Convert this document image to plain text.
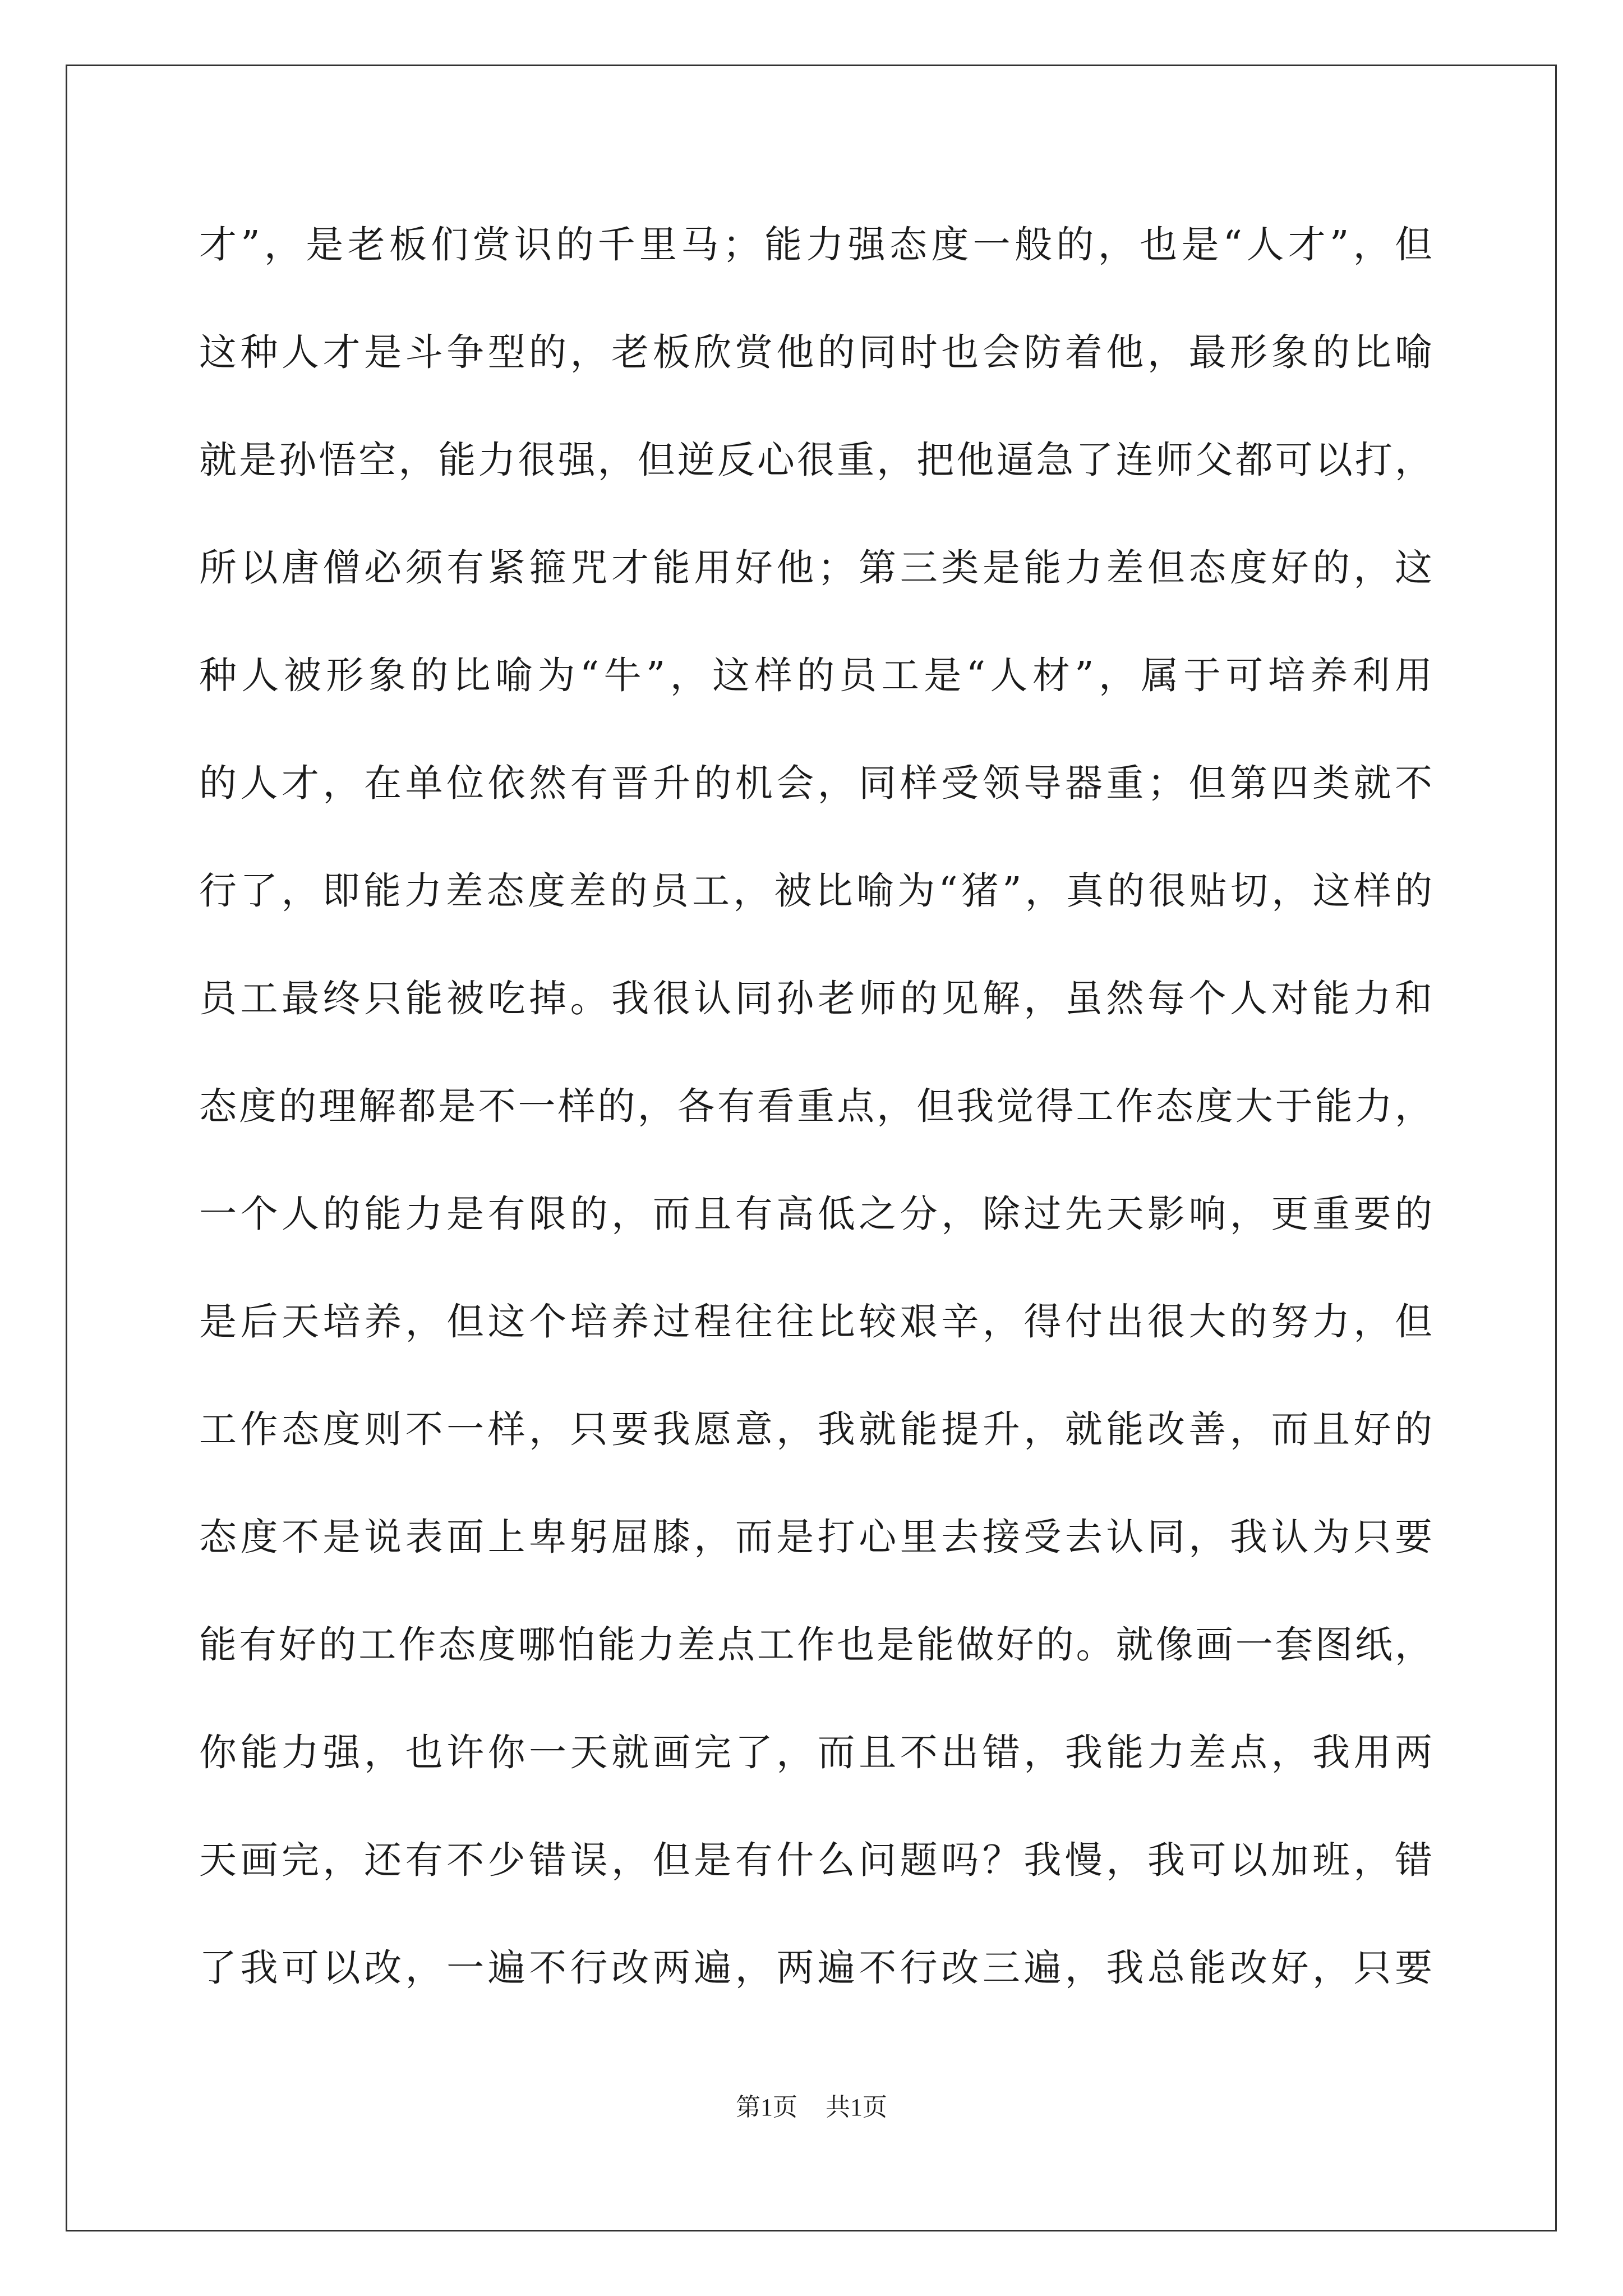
才”，是老板们赏识的千里马；能力强态度一般的，也是“人才”，但
这种人才是斗争型的，老板欣赏他的同时也会防着他，最形象的比喻
就是孙悟空，能力很强，但逆反心很重，把他逼急了连师父都可以打，
所以唐僧必须有紧箍咒才能用好他；第三类是能力差但态度好的，这
种人被形象的比喻为“牛”，这样的员工是“人材”，属于可培养利用
的人才，在单位依然有晋升的机会，同样受领导器重；但第四类就不
行了，即能力差态度差的员工，被比喻为“猪”，真的很贴切，这样的
员工最终只能被吃掉。我很认同孙老师的见解，虽然每个人对能力和
态度的理解都是不一样的，各有看重点，但我觉得工作态度大于能力，
一个人的能力是有限的，而且有高低之分，除过先天影响，更重要的
是后天培养，但这个培养过程往往比较艰辛，得付出很大的努力，但
工作态度则不一样，只要我愿意，我就能提升，就能改善，而且好的
态度不是说表面上卑躬屈膝，而是打心里去接受去认同，我认为只要
能有好的工作态度哪怕能力差点工作也是能做好的。就像画一套图纸，
你能力强，也许你一天就画完了，而且不出错，我能力差点，我用两
天画完，还有不少错误，但是有什么问题吗？我慢，我可以加班，错
了我可以改，一遍不行改两遍，两遍不行改三遍，我总能改好，只要
第1页 共1页
